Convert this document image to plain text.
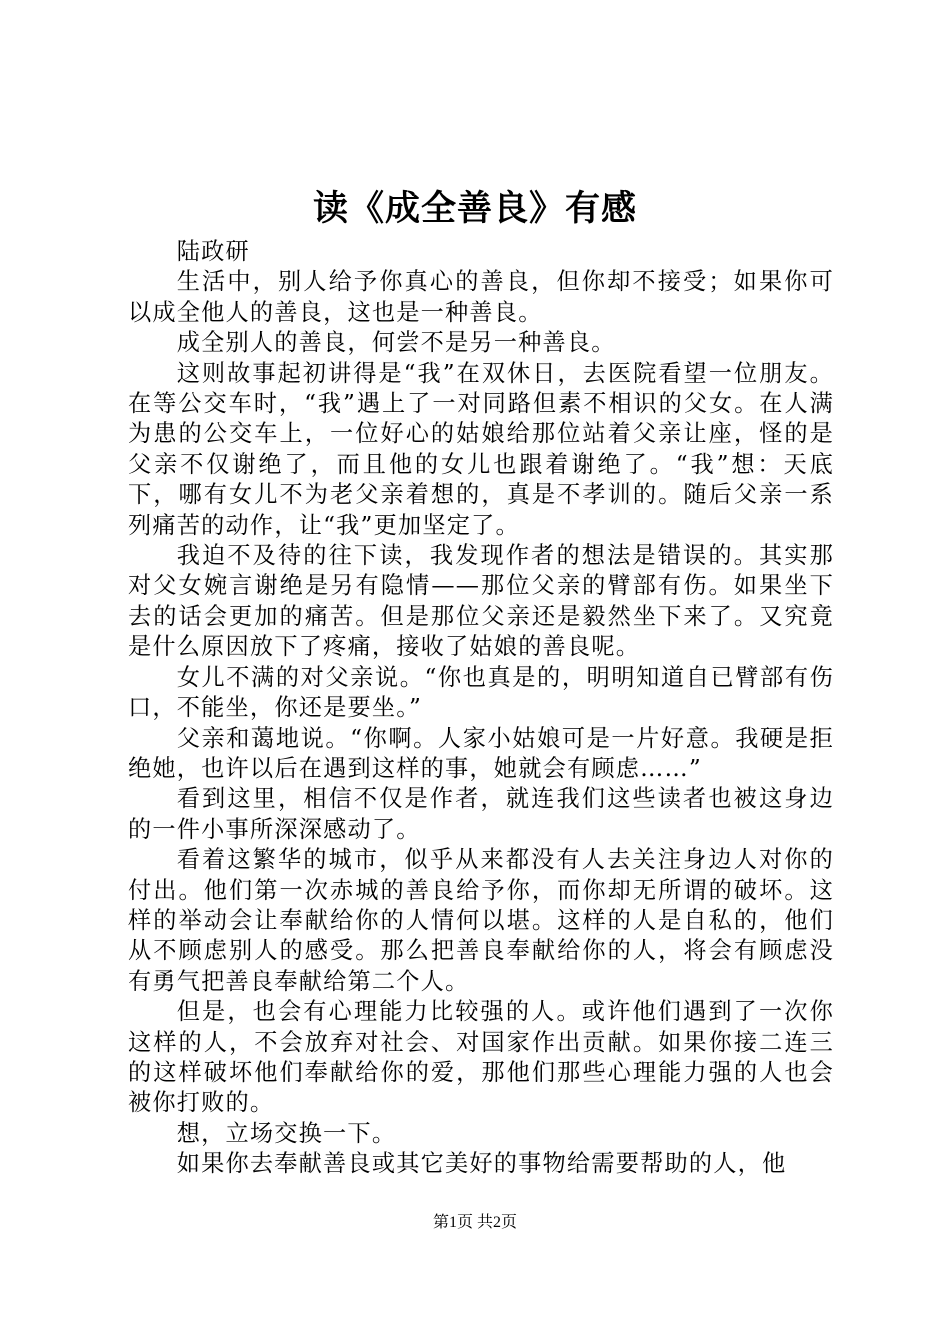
读《成全善良》有感

陆政研

生活中，别人给予你真心的善良，但你却不接受；如果你可以成全他人的善良，这也是一种善良。

成全别人的善良，何尝不是另一种善良。

这则故事起初讲得是“我”在双休日，去医院看望一位朋友。在等公交车时，“我”遇上了一对同路但素不相识的父女。在人满为患的公交车上，一位好心的姑娘给那位站着父亲让座，怪的是父亲不仅谢绝了，而且他的女儿也跟着谢绝了。“我”想：天底下，哪有女儿不为老父亲着想的，真是不孝训的。随后父亲一系列痛苦的动作，让“我”更加坚定了。

我迫不及待的往下读，我发现作者的想法是错误的。其实那对父女婉言谢绝是另有隐情——那位父亲的臂部有伤。如果坐下去的话会更加的痛苦。但是那位父亲还是毅然坐下来了。又究竟是什么原因放下了疼痛，接收了姑娘的善良呢。

女儿不满的对父亲说。“你也真是的，明明知道自已臂部有伤口，不能坐，你还是要坐。”

父亲和蔼地说。“你啊。人家小姑娘可是一片好意。我硬是拒绝她，也许以后在遇到这样的事，她就会有顾虑……”

看到这里，相信不仅是作者，就连我们这些读者也被这身边的一件小事所深深感动了。

看着这繁华的城市，似乎从来都没有人去关注身边人对你的付出。他们第一次赤城的善良给予你，而你却无所谓的破坏。这样的举动会让奉献给你的人情何以堪。这样的人是自私的，他们从不顾虑别人的感受。那么把善良奉献给你的人，将会有顾虑没有勇气把善良奉献给第二个人。

但是，也会有心理能力比较强的人。或许他们遇到了一次你这样的人，不会放弃对社会、对国家作出贡献。如果你接二连三的这样破坏他们奉献给你的爱，那他们那些心理能力强的人也会被你打败的。

想，立场交换一下。

如果你去奉献善良或其它美好的事物给需要帮助的人，他

第1页 共2页
